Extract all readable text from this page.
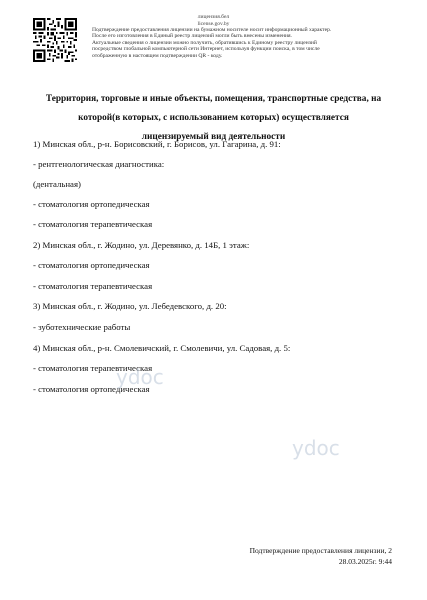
лицензия.бел
license.gov.by
Подтверждение предоставления лицензии на бумажном носителе носит информационный характер.
После его изготовления в Единый реестр лицензий могли быть внесены изменения.
Актуальные сведения о лицензии можно получить, обратившись к Единому реестру лицензий
посредством глобальной компьютерной сети Интернет, используя функции поиска, в том числе
отображенную в настоящем подтверждении QR - коду.
Территория, торговые и иные объекты, помещения, транспортные средства, на
которой(в которых, с использованием которых) осуществляется
лицензируемый вид деятельности
1) Минская обл., р-н. Борисовский, г. Борисов, ул. Гагарина, д. 91:
- рентгенологическая диагностика:
(дентальная)
- стоматология ортопедическая
- стоматология терапевтическая
2) Минская обл., г. Жодино, ул. Деревянко, д. 14Б, 1 этаж:
- стоматология ортопедическая
- стоматология терапевтическая
3) Минская обл., г. Жодино, ул. Лебедевского, д. 20:
- зуботехнические работы
4) Минская обл., р-н. Смолевичский, г. Смолевичи, ул. Садовая, д. 5:
- стоматология терапевтическая
- стоматология ортопедическая
ydoc
ydoc
Подтверждение предоставления лицензии, 2
28.03.2025г. 9:44
